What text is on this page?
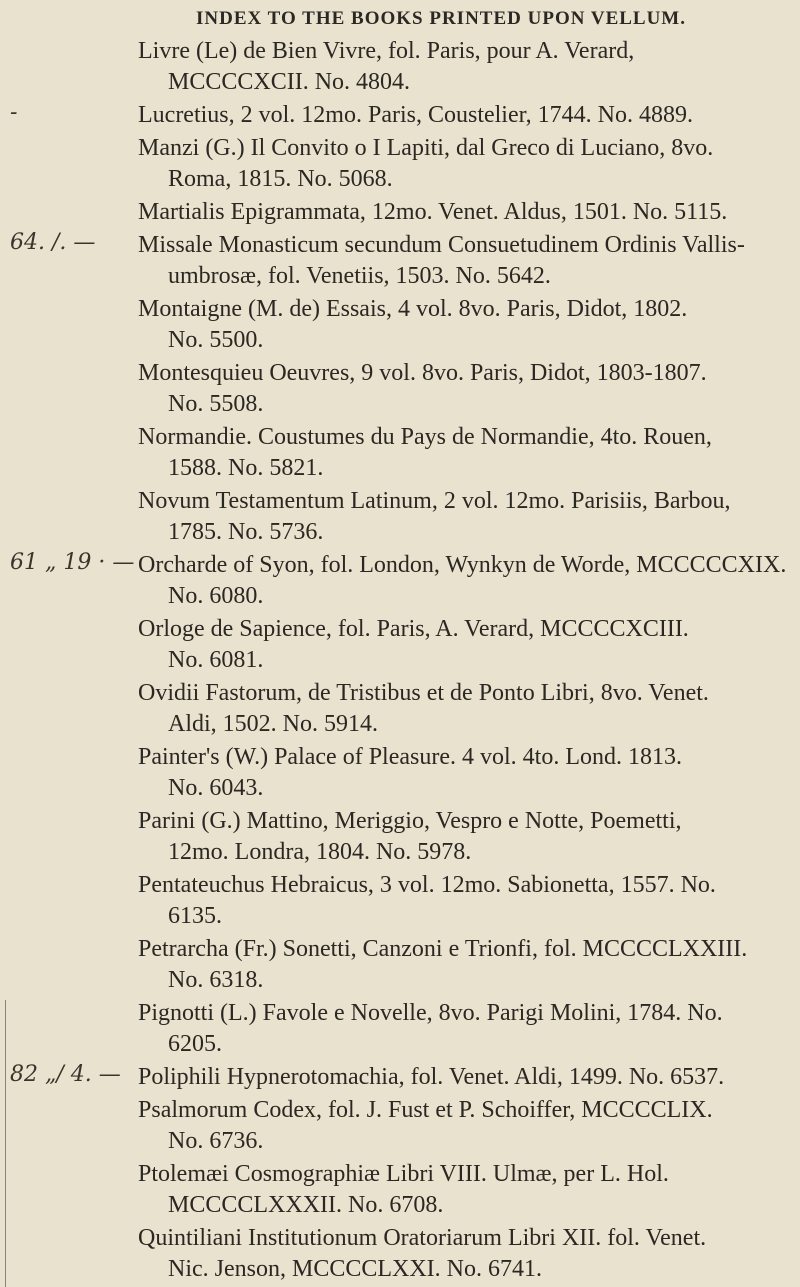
INDEX TO THE BOOKS PRINTED UPON VELLUM.
Livre (Le) de Bien Vivre, fol. Paris, pour A. Verard,
MCCCCXCII. No. 4804.
-	Lucretius, 2 vol. 12mo. Paris, Coustelier, 1744. No. 4889.
Manzi (G.) Il Convito o I Lapiti, dal Greco di Luciano, 8vo.
Roma, 1815. No. 5068.
Martialis Epigrammata, 12mo. Venet. Aldus, 1501. No. 5115.
64. /. — Missale Monasticum secundum Consuetudinem Ordinis Vallis-
umbrosæ, fol. Venetiis, 1503. No. 5642.
Montaigne (M. de) Essais, 4 vol. 8vo. Paris, Didot, 1802.
No. 5500.
Montesquieu Oeuvres, 9 vol. 8vo. Paris, Didot, 1803-1807.
No. 5508.
Normandie. Coustumes du Pays de Normandie, 4to. Rouen,
1588. No. 5821.
Novum Testamentum Latinum, 2 vol. 12mo. Parisiis, Barbou,
1785. No. 5736.
61 „ 19 · — Orcharde of Syon, fol. London, Wynkyn de Worde, MCCCCCXIX.
No. 6080.
Orloge de Sapience, fol. Paris, A. Verard, MCCCCXCIII.
No. 6081.
Ovidii Fastorum, de Tristibus et de Ponto Libri, 8vo. Venet.
Aldi, 1502. No. 5914.
Painter's (W.) Palace of Pleasure. 4 vol. 4to. Lond. 1813.
No. 6043.
Parini (G.) Mattino, Meriggio, Vespro e Notte, Poemetti,
12mo. Londra, 1804. No. 5978.
Pentateuchus Hebraicus, 3 vol. 12mo. Sabionetta, 1557. No.
6135.
Petrarcha (Fr.) Sonetti, Canzoni e Trionfi, fol. MCCCCLXXIII.
No. 6318.
Pignotti (L.) Favole e Novelle, 8vo. Parigi Molini, 1784. No.
6205.
82 „/ 4. — Poliphili Hypnerotomachia, fol. Venet. Aldi, 1499. No. 6537.
Psalmorum Codex, fol. J. Fust et P. Schoiffer, MCCCCLIX.
No. 6736.
Ptolemæi Cosmographiæ Libri VIII. Ulmæ, per L. Hol.
MCCCCLXXXII. No. 6708.
Quintiliani Institutionum Oratoriarum Libri XII. fol. Venet.
Nic. Jenson, MCCCCLXXI. No. 6741.
